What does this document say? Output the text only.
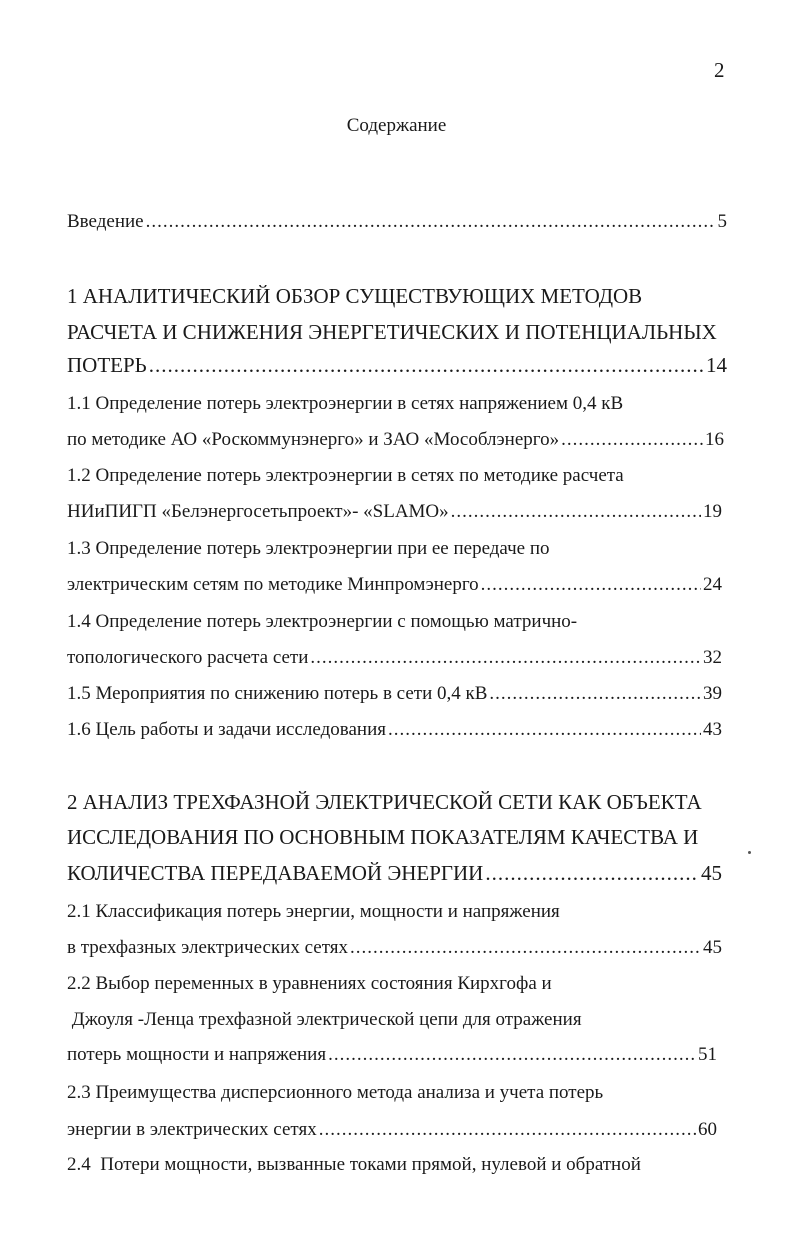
2
Содержание
Введение .....	5
1 АНАЛИТИЧЕСКИЙ ОБЗОР СУЩЕСТВУЮЩИХ МЕТОДОВ
РАСЧЕТА И СНИЖЕНИЯ ЭНЕРГЕТИЧЕСКИХ И ПОТЕНЦИАЛЬНЫХ
ПОТЕРЬ .....	14
1.1 Определение потерь электроэнергии в сетях напряжением 0,4 кВ
по методике АО «Роскоммунэнерго» и ЗАО «Мособлэнерго» .....	16
1.2 Определение потерь электроэнергии в сетях по методике расчета
НИиПИГП «Белэнергосетьпроект»- «SLAMO» .....	19
1.3 Определение потерь электроэнергии при ее передаче по
электрическим сетям по методике Минпромэнерго .....	24
1.4 Определение потерь электроэнергии с помощью матрично-
топологического расчета сети .....	32
1.5 Мероприятия по снижению потерь в сети 0,4 кВ .....	39
1.6 Цель работы и задачи исследования .....	43
2 АНАЛИЗ ТРЕХФАЗНОЙ ЭЛЕКТРИЧЕСКОЙ СЕТИ КАК ОБЪЕКТА
ИССЛЕДОВАНИЯ ПО ОСНОВНЫМ ПОКАЗАТЕЛЯМ КАЧЕСТВА И
КОЛИЧЕСТВА ПЕРЕДАВАЕМОЙ ЭНЕРГИИ .....	45
2.1 Классификация потерь энергии, мощности и напряжения
в трехфазных электрических сетях .....	45
2.2 Выбор переменных в уравнениях состояния Кирхгофа и
Джоуля -Ленца трехфазной электрической цепи для отражения
потерь мощности и напряжения .....	51
2.3 Преимущества дисперсионного метода анализа и учета потерь
энергии в электрических сетях .....	60
2.4  Потери мощности, вызванные токами прямой, нулевой и обратной
